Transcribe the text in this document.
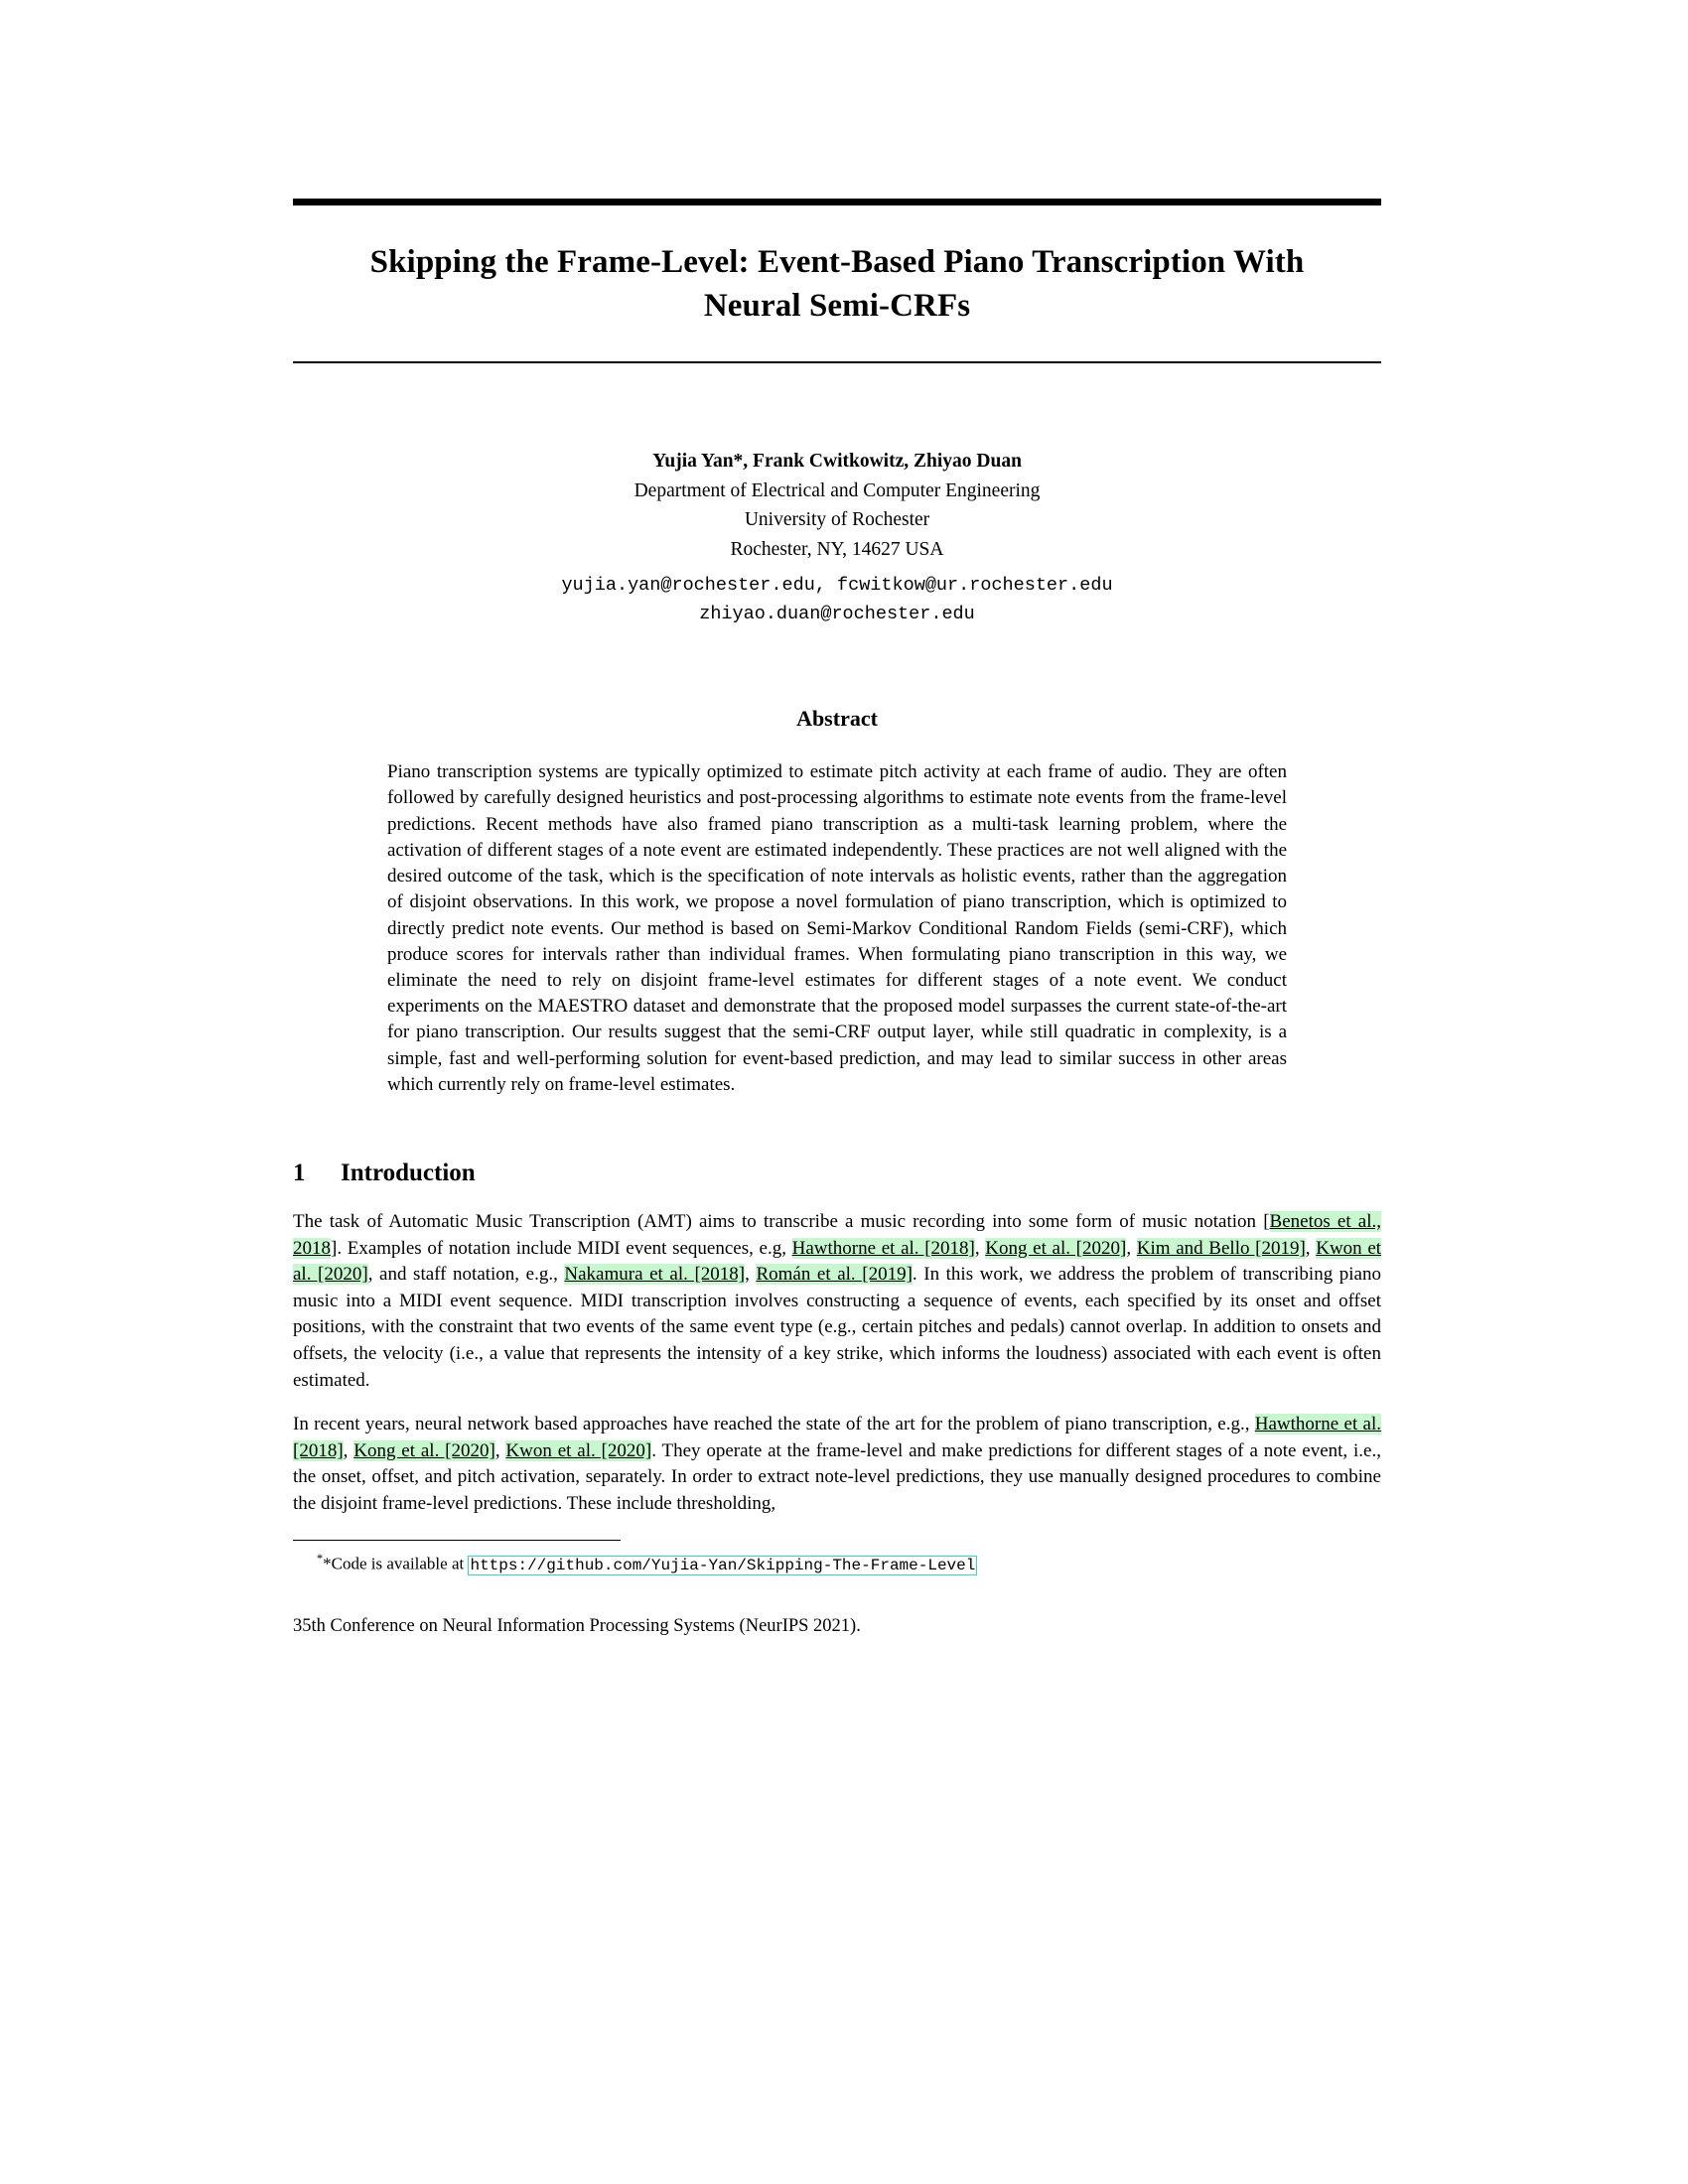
Skipping the Frame-Level: Event-Based Piano Transcription With Neural Semi-CRFs
Yujia Yan*, Frank Cwitkowitz, Zhiyao Duan
Department of Electrical and Computer Engineering
University of Rochester
Rochester, NY, 14627 USA
yujia.yan@rochester.edu, fcwitkow@ur.rochester.edu
zhiyao.duan@rochester.edu
Abstract
Piano transcription systems are typically optimized to estimate pitch activity at each frame of audio. They are often followed by carefully designed heuristics and post-processing algorithms to estimate note events from the frame-level predictions. Recent methods have also framed piano transcription as a multi-task learning problem, where the activation of different stages of a note event are estimated independently. These practices are not well aligned with the desired outcome of the task, which is the specification of note intervals as holistic events, rather than the aggregation of disjoint observations. In this work, we propose a novel formulation of piano transcription, which is optimized to directly predict note events. Our method is based on Semi-Markov Conditional Random Fields (semi-CRF), which produce scores for intervals rather than individual frames. When formulating piano transcription in this way, we eliminate the need to rely on disjoint frame-level estimates for different stages of a note event. We conduct experiments on the MAESTRO dataset and demonstrate that the proposed model surpasses the current state-of-the-art for piano transcription. Our results suggest that the semi-CRF output layer, while still quadratic in complexity, is a simple, fast and well-performing solution for event-based prediction, and may lead to similar success in other areas which currently rely on frame-level estimates.
1 Introduction

The task of Automatic Music Transcription (AMT) aims to transcribe a music recording into some form of music notation [Benetos et al., 2018]. Examples of notation include MIDI event sequences, e.g, Hawthorne et al. [2018], Kong et al. [2020], Kim and Bello [2019], Kwon et al. [2020], and staff notation, e.g., Nakamura et al. [2018], Román et al. [2019]. In this work, we address the problem of transcribing piano music into a MIDI event sequence. MIDI transcription involves constructing a sequence of events, each specified by its onset and offset positions, with the constraint that two events of the same event type (e.g., certain pitches and pedals) cannot overlap. In addition to onsets and offsets, the velocity (i.e., a value that represents the intensity of a key strike, which informs the loudness) associated with each event is often estimated.

In recent years, neural network based approaches have reached the state of the art for the problem of piano transcription, e.g., Hawthorne et al. [2018], Kong et al. [2020], Kwon et al. [2020]. They operate at the frame-level and make predictions for different stages of a note event, i.e., the onset, offset, and pitch activation, separately. In order to extract note-level predictions, they use manually designed procedures to combine the disjoint frame-level predictions. These include thresholding,

**Code is available at https://github.com/Yujia-Yan/Skipping-The-Frame-Level
35th Conference on Neural Information Processing Systems (NeurIPS 2021).
